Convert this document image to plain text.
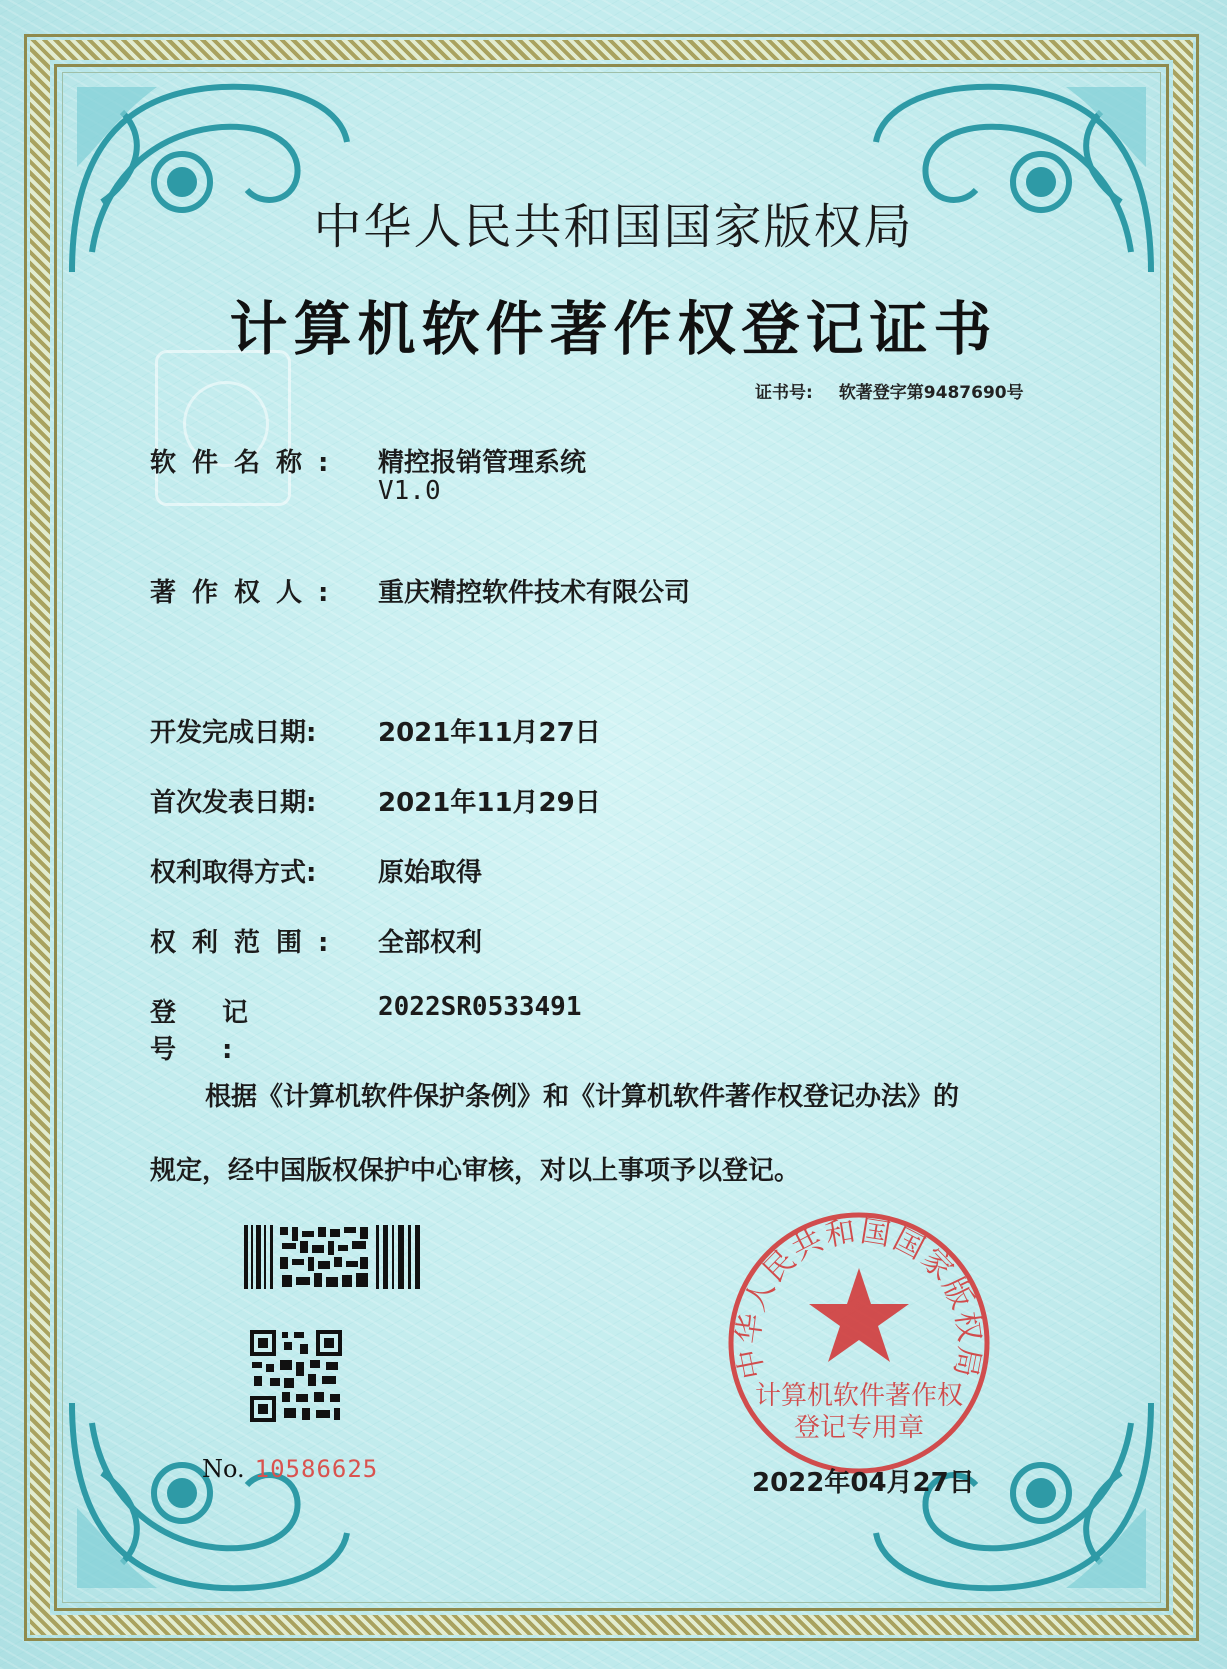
中华人民共和国国家版权局
计算机软件著作权登记证书
证书号: 软著登字第9487690号
软件名称: 精控报销管理系统
V1.0
著作权人: 重庆精控软件技术有限公司
开发完成日期: 2021年11月27日
首次发表日期: 2021年11月29日
权利取得方式: 原始取得
权利范围: 全部权利
登记号:
2022SR0533491
根据《计算机软件保护条例》和《计算机软件著作权登记办法》的
规定，经中国版权保护中心审核，对以上事项予以登记。
No. 10586625
中华人民共和国国家版权局
计算机软件著作权
登记专用章
2022年04月27日
